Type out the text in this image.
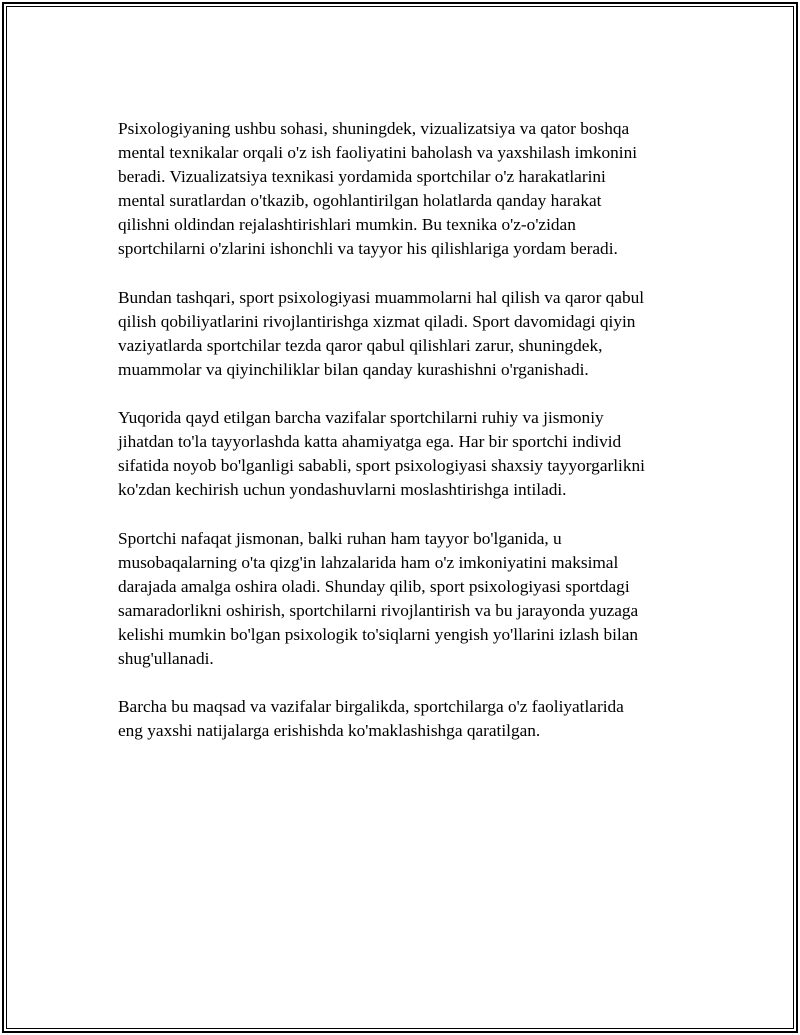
Psixologiyaning ushbu sohasi, shuningdek, vizualizatsiya va qator boshqa
mental texnikalar orqali o'z ish faoliyatini baholash va yaxshilash imkonini
beradi. Vizualizatsiya texnikasi yordamida sportchilar o'z harakatlarini
mental suratlardan o'tkazib, ogohlantirilgan holatlarda qanday harakat
qilishni oldindan rejalashtirishlari mumkin. Bu texnika o'z-o'zidan
sportchilarni o'zlarini ishonchli va tayyor his qilishlariga yordam beradi.

Bundan tashqari, sport psixologiyasi muammolarni hal qilish va qaror qabul
qilish qobiliyatlarini rivojlantirishga xizmat qiladi. Sport davomidagi qiyin
vaziyatlarda sportchilar tezda qaror qabul qilishlari zarur, shuningdek,
muammolar va qiyinchiliklar bilan qanday kurashishni o'rganishadi.

Yuqorida qayd etilgan barcha vazifalar sportchilarni ruhiy va jismoniy
jihatdan to'la tayyorlashda katta ahamiyatga ega. Har bir sportchi individ
sifatida noyob bo'lganligi sababli, sport psixologiyasi shaxsiy tayyorgarlikni
ko'zdan kechirish uchun yondashuvlarni moslashtirishga intiladi.

Sportchi nafaqat jismonan, balki ruhan ham tayyor bo'lganida, u
musobaqalarning o'ta qizg'in lahzalarida ham o'z imkoniyatini maksimal
darajada amalga oshira oladi. Shunday qilib, sport psixologiyasi sportdagi
samaradorlikni oshirish, sportchilarni rivojlantirish va bu jarayonda yuzaga
kelishi mumkin bo'lgan psixologik to'siqlarni yengish yo'llarini izlash bilan
shug'ullanadi.

Barcha bu maqsad va vazifalar birgalikda, sportchilarga o'z faoliyatlarida
eng yaxshi natijalarga erishishda ko'maklashishga qaratilgan.
